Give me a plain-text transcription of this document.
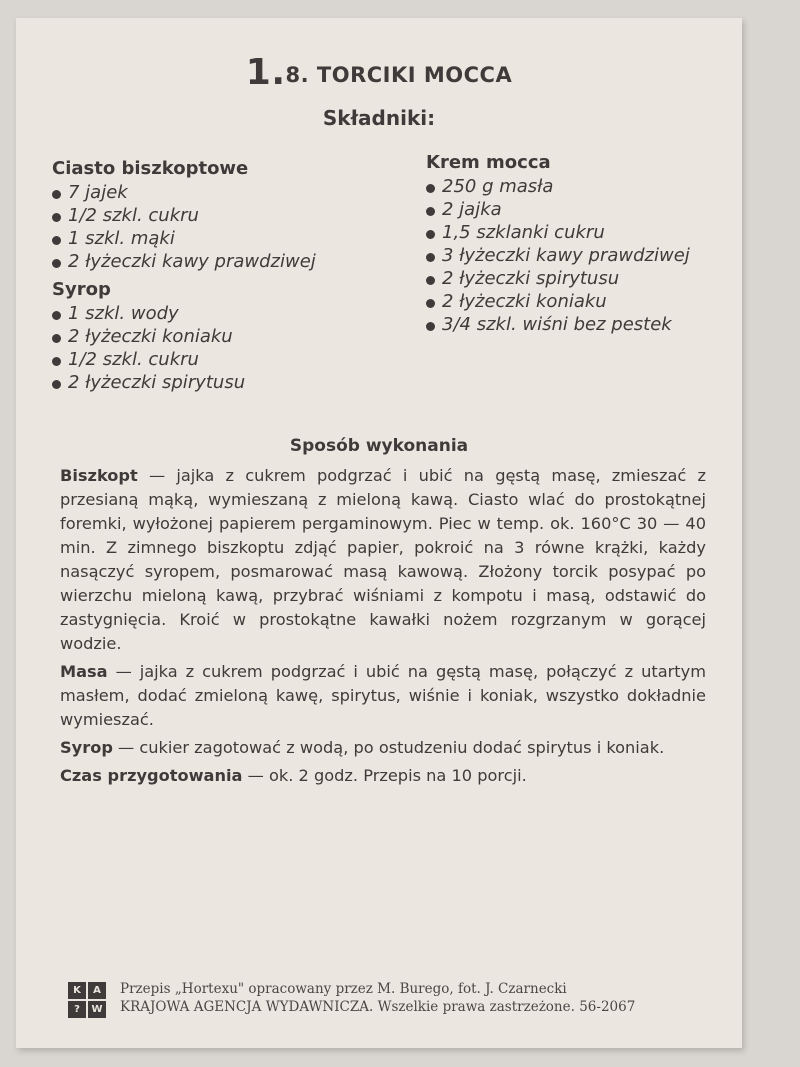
1.8. TORCIKI MOCCA
Składniki:
Ciasto biszkoptowe
7 jajek
1/2 szkl. cukru
1 szkl. mąki
2 łyżeczki kawy prawdziwej
Syrop
1 szkl. wody
2 łyżeczki koniaku
1/2 szkl. cukru
2 łyżeczki spirytusu
Krem mocca
250 g masła
2 jajka
1,5 szklanki cukru
3 łyżeczki kawy prawdziwej
2 łyżeczki spirytusu
2 łyżeczki koniaku
3/4 szkl. wiśni bez pestek
Sposób wykonania

Biszkopt — jajka z cukrem podgrzać i ubić na gęstą masę, zmieszać z przesianą mąką, wymieszaną z mieloną kawą. Ciasto wlać do prostokątnej foremki, wyłożonej papierem pergaminowym. Piec w temp. ok. 160°C 30 — 40 min. Z zimnego biszkoptu zdjąć papier, pokroić na 3 równe krążki, każdy nasączyć syropem, posmarować masą kawową. Złożony torcik posypać po wierzchu mieloną kawą, przybrać wiśniami z kompotu i masą, odstawić do zastygnięcia. Kroić w prostokątne kawałki nożem rozgrzanym w gorącej wodzie.

Masa — jajka z cukrem podgrzać i ubić na gęstą masę, połączyć z utartym masłem, dodać zmieloną kawę, spirytus, wiśnie i koniak, wszystko dokładnie wymieszać.

Syrop — cukier zagotować z wodą, po ostudzeniu dodać spirytus i koniak.

Czas przygotowania — ok. 2 godz. Przepis na 10 porcji.

K	A
?	W
Przepis „Hortexu" opracowany przez M. Burego, fot. J. Czarnecki
KRAJOWA AGENCJA WYDAWNICZA. Wszelkie prawa zastrzeżone. 56-2067
